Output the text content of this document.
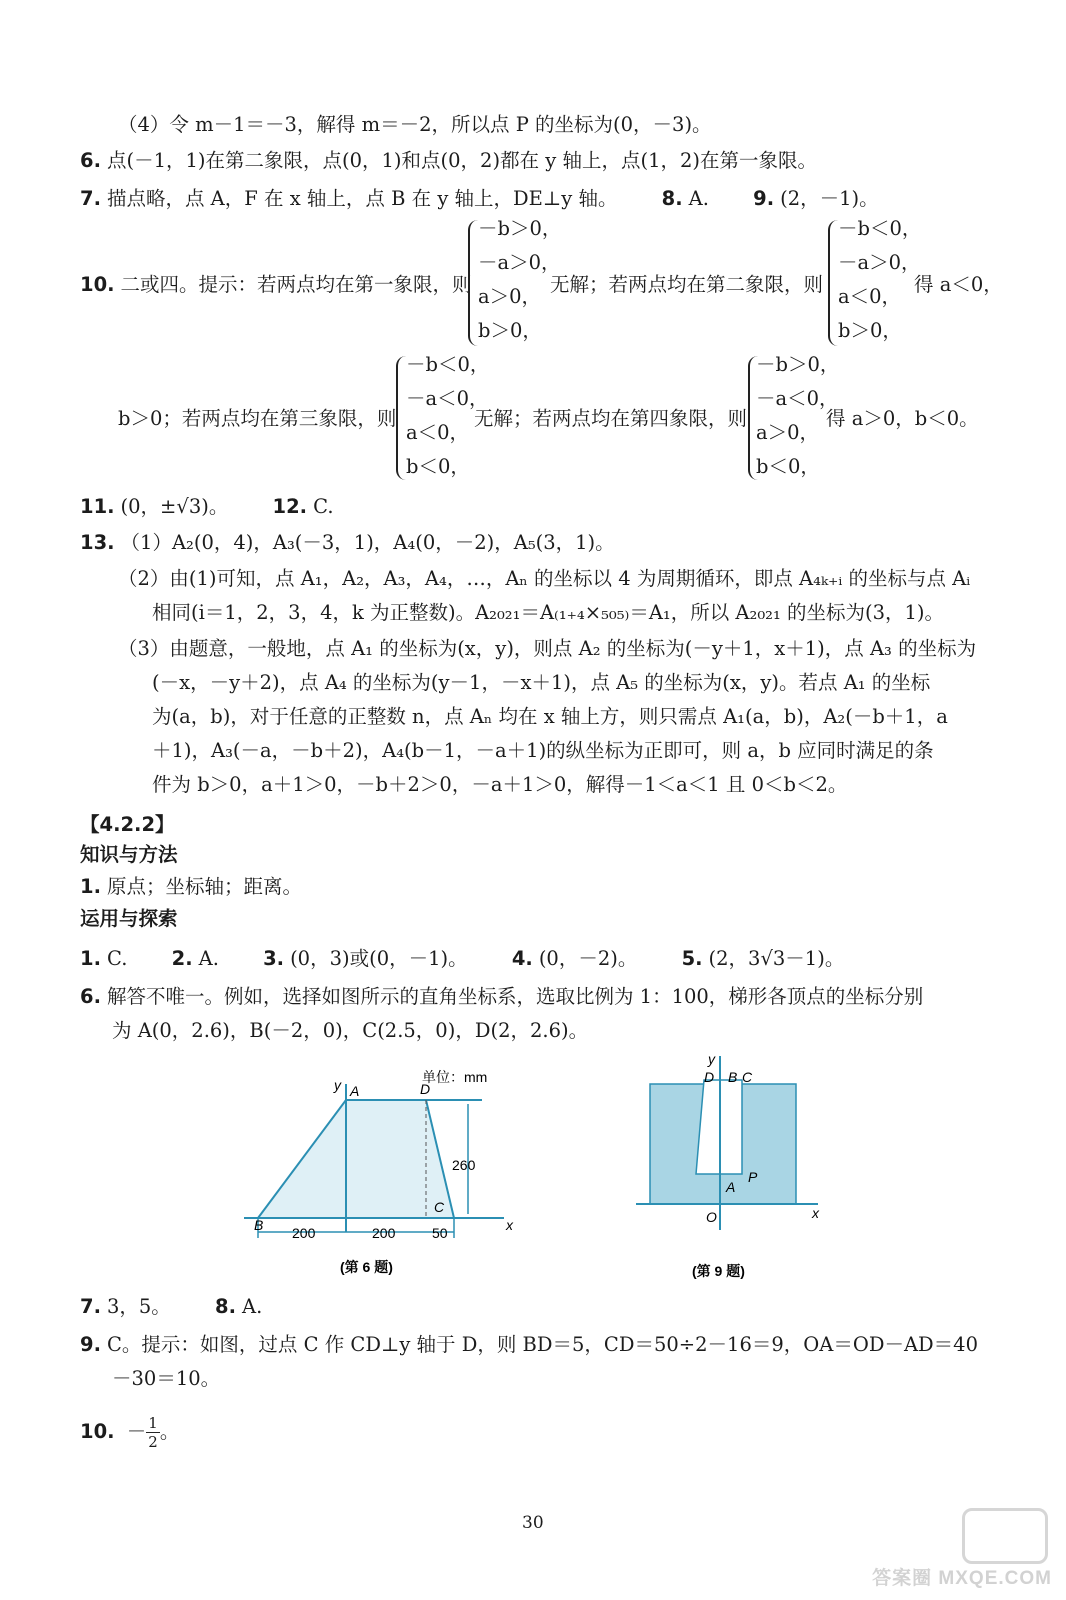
（4）令 m－1＝－3，解得 m＝－2，所以点 P 的坐标为(0，－3)。
6. 点(－1，1)在第二象限，点(0，1)和点(0，2)都在 y 轴上，点(1，2)在第一象限。
7. 描点略，点 A，F 在 x 轴上，点 B 在 y 轴上，DE⊥y 轴。 8. A. 9. (2，－1)。
10. 二或四。提示：若两点均在第一象限，则
－b＞0，
－a＞0，
a＞0，
b＞0，
无解；若两点均在第二象限，则
－b＜0，
－a＞0，
a＜0，
b＞0，
得 a＜0，
b＞0；若两点均在第三象限，则
－b＜0，
－a＜0，
a＜0，
b＜0，
无解；若两点均在第四象限，则
－b＞0，
－a＜0，
a＞0，
b＜0，
得 a＞0，b＜0。
11. (0，±√3)。 12. C.
13. （1）A₂(0，4)，A₃(－3，1)，A₄(0，－2)，A₅(3，1)。
（2）由(1)可知，点 A₁，A₂，A₃，A₄，…，Aₙ 的坐标以 4 为周期循环，即点 A₄ₖ₊ᵢ 的坐标与点 Aᵢ
相同(i＝1，2，3，4，k 为正整数)。A₂₀₂₁＝A₍₁₊₄×₅₀₅₎＝A₁，所以 A₂₀₂₁ 的坐标为(3，1)。
（3）由题意，一般地，点 A₁ 的坐标为(x，y)，则点 A₂ 的坐标为(－y＋1，x＋1)，点 A₃ 的坐标为
(－x，－y＋2)，点 A₄ 的坐标为(y－1，－x＋1)，点 A₅ 的坐标为(x，y)。若点 A₁ 的坐标
为(a，b)，对于任意的正整数 n，点 Aₙ 均在 x 轴上方，则只需点 A₁(a，b)，A₂(－b＋1，a
＋1)，A₃(－a，－b＋2)，A₄(b－1，－a＋1)的纵坐标为正即可，则 a，b 应同时满足的条
件为 b＞0，a＋1＞0，－b＋2＞0，－a＋1＞0，解得－1＜a＜1 且 0＜b＜2。
【4.2.2】
知识与方法
1. 原点；坐标轴；距离。
运用与探索
1. C. 2. A. 3. (0，3)或(0，－1)。 4. (0，－2)。 5. (2，3√3－1)。
6. 解答不唯一。例如，选择如图所示的直角坐标系，选取比例为 1：100，梯形各顶点的坐标分别
为 A(0，2.6)，B(－2，0)，C(2.5，0)，D(2，2.6)。
单位：mm
y A	D
260
C
B 200	200	50	x
(第 6 题)
y
D B C
A
P
O	x
(第 9 题)
7. 3，5。 8. A.
9. C。提示：如图，过点 C 作 CD⊥y 轴于 D，则 BD＝5，CD＝50÷2－16＝9，OA＝OD－AD＝40
－30＝10。
10. － $\frac{1}{2}$ 。
30
答案圈 MXQE.COM
